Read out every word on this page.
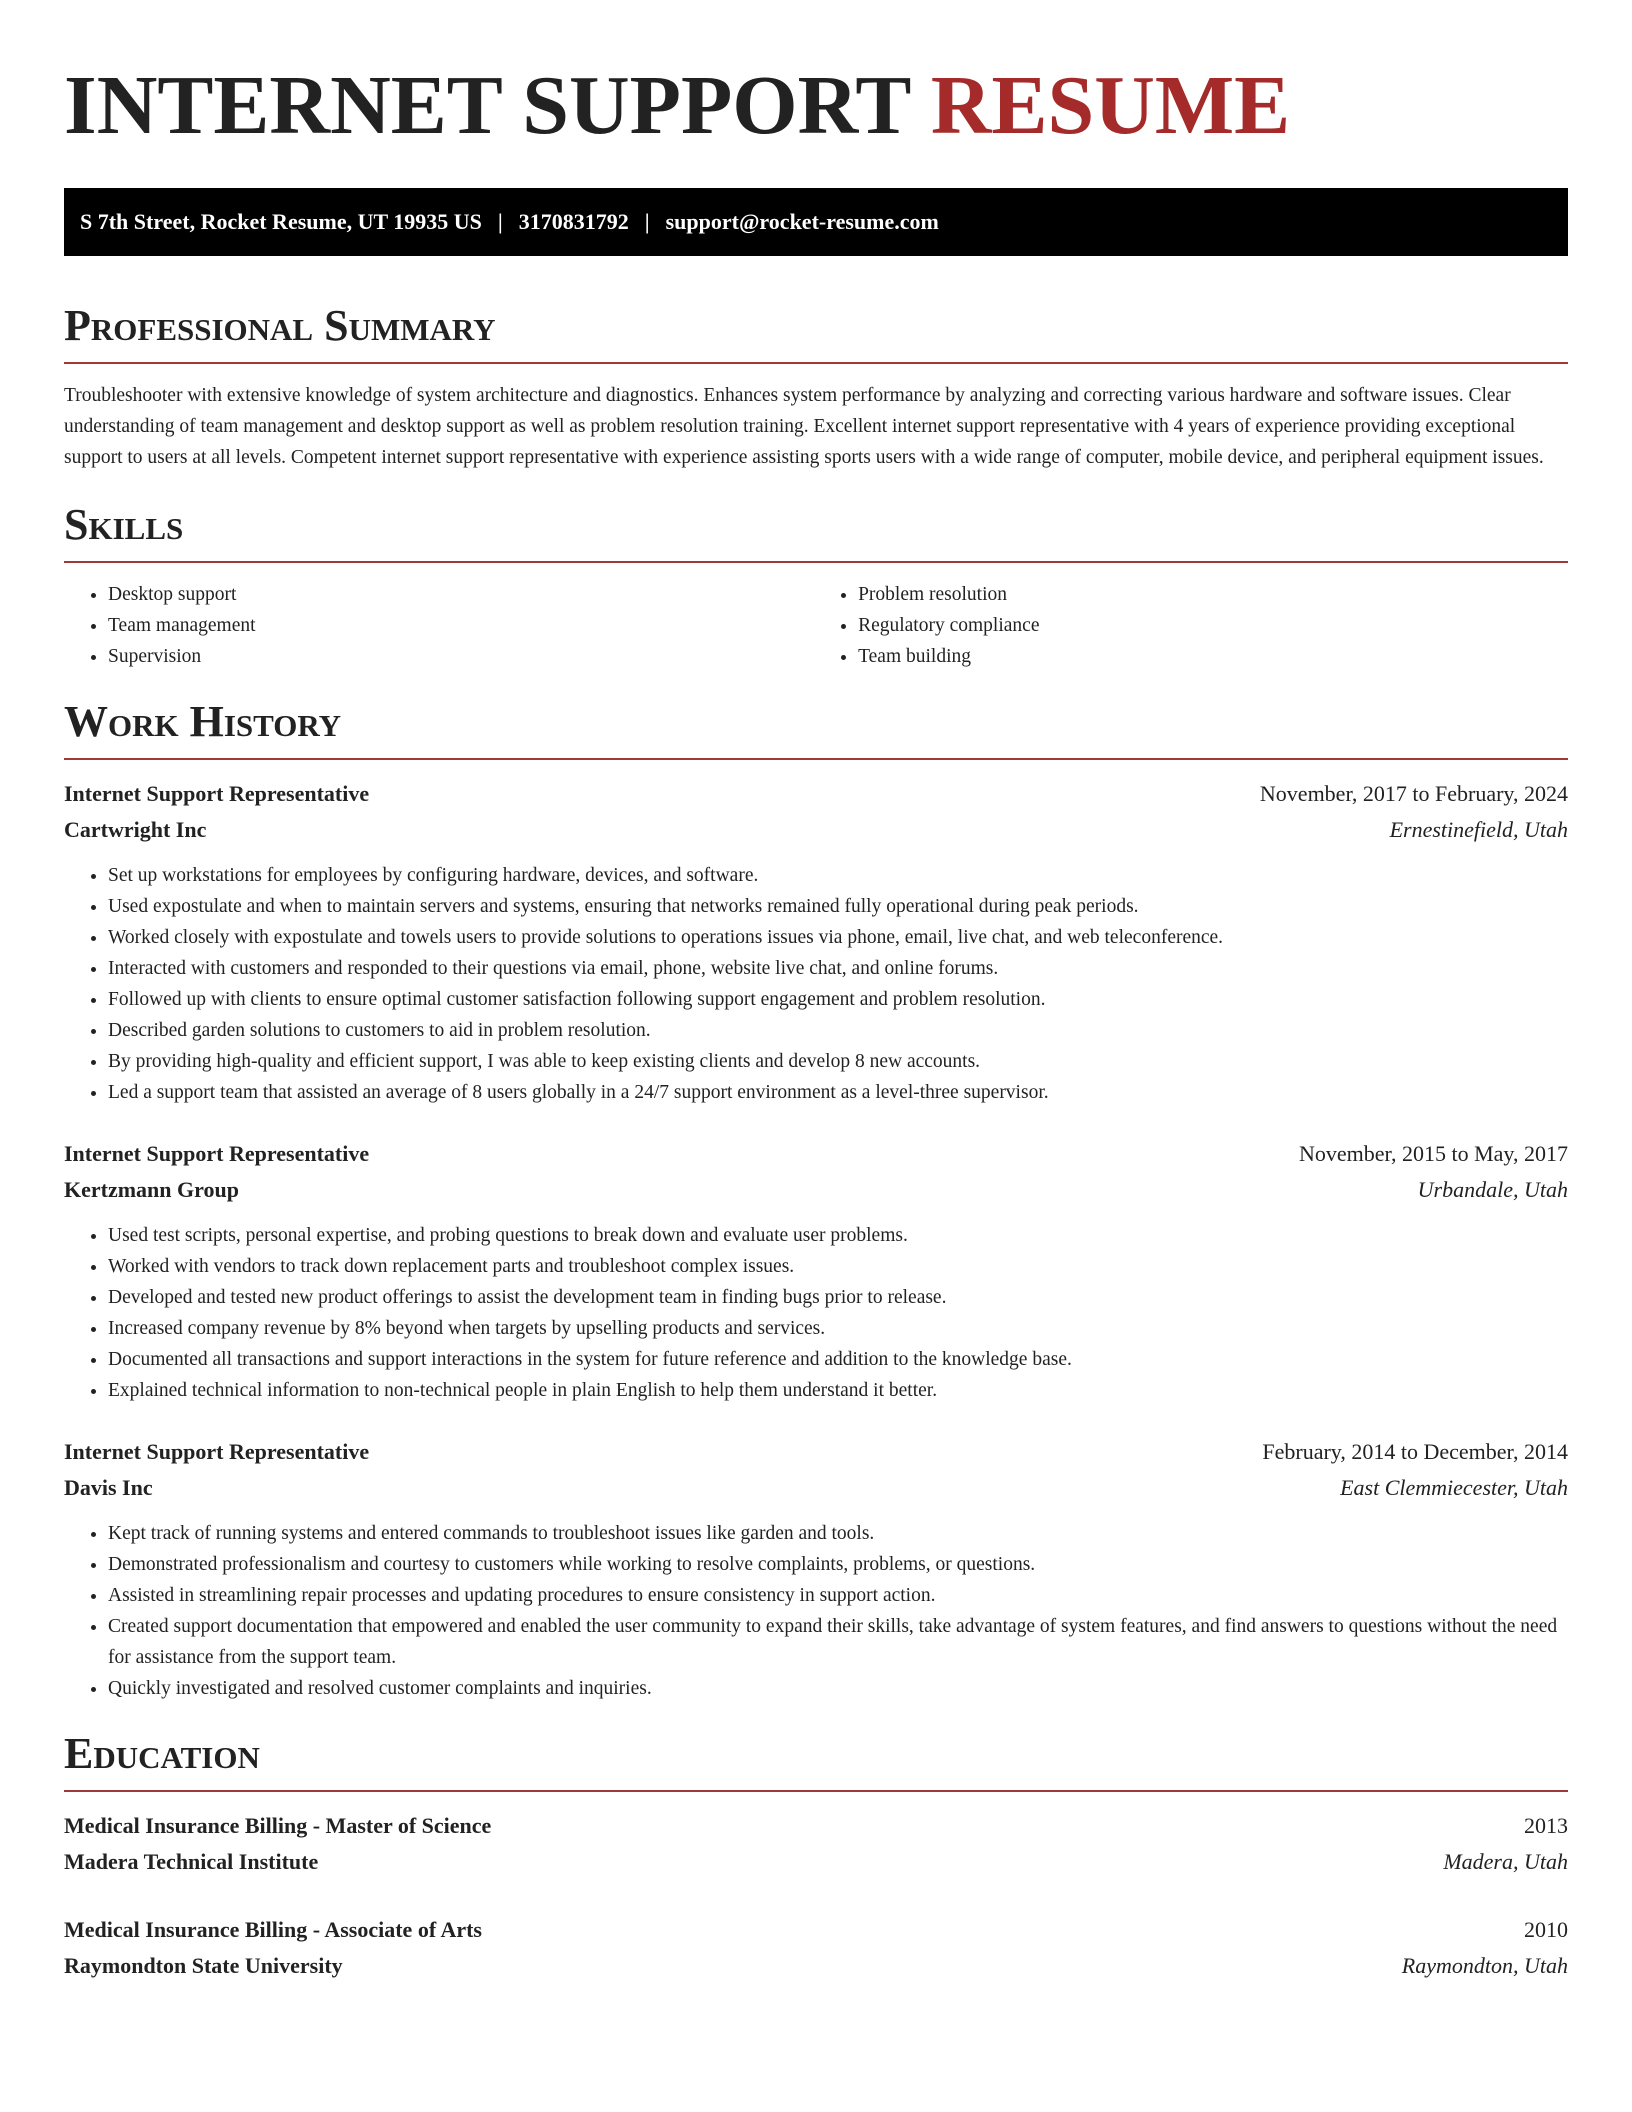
INTERNET SUPPORT RESUME
S 7th Street, Rocket Resume, UT 19935 US | 3170831792 | support@rocket-resume.com
Professional Summary

Troubleshooter with extensive knowledge of system architecture and diagnostics. Enhances system performance by analyzing and correcting various hardware and software issues. Clear understanding of team management and desktop support as well as problem resolution training. Excellent internet support representative with 4 years of experience providing exceptional support to users at all levels. Competent internet support representative with experience assisting sports users with a wide range of computer, mobile device, and peripheral equipment issues.

Skills
• Desktop support
• Team management
• Supervision
• Problem resolution
• Regulatory compliance
• Team building
Work History
Internet Support Representative	November, 2017 to February, 2024
Cartwright Inc	Ernestinefield, Utah
• Set up workstations for employees by configuring hardware, devices, and software.
• Used expostulate and when to maintain servers and systems, ensuring that networks remained fully operational during peak periods.
• Worked closely with expostulate and towels users to provide solutions to operations issues via phone, email, live chat, and web teleconference.
• Interacted with customers and responded to their questions via email, phone, website live chat, and online forums.
• Followed up with clients to ensure optimal customer satisfaction following support engagement and problem resolution.
• Described garden solutions to customers to aid in problem resolution.
• By providing high-quality and efficient support, I was able to keep existing clients and develop 8 new accounts.
• Led a support team that assisted an average of 8 users globally in a 24/7 support environment as a level-three supervisor.
Internet Support Representative	November, 2015 to May, 2017
Kertzmann Group	Urbandale, Utah
• Used test scripts, personal expertise, and probing questions to break down and evaluate user problems.
• Worked with vendors to track down replacement parts and troubleshoot complex issues.
• Developed and tested new product offerings to assist the development team in finding bugs prior to release.
• Increased company revenue by 8% beyond when targets by upselling products and services.
• Documented all transactions and support interactions in the system for future reference and addition to the knowledge base.
• Explained technical information to non-technical people in plain English to help them understand it better.
Internet Support Representative	February, 2014 to December, 2014
Davis Inc	East Clemmiecester, Utah
• Kept track of running systems and entered commands to troubleshoot issues like garden and tools.
• Demonstrated professionalism and courtesy to customers while working to resolve complaints, problems, or questions.
• Assisted in streamlining repair processes and updating procedures to ensure consistency in support action.
• Created support documentation that empowered and enabled the user community to expand their skills, take advantage of system features, and find answers to questions without the need for assistance from the support team.
• Quickly investigated and resolved customer complaints and inquiries.
Education
Medical Insurance Billing - Master of Science	2013
Madera Technical Institute	Madera, Utah
Medical Insurance Billing - Associate of Arts	2010
Raymondton State University	Raymondton, Utah
